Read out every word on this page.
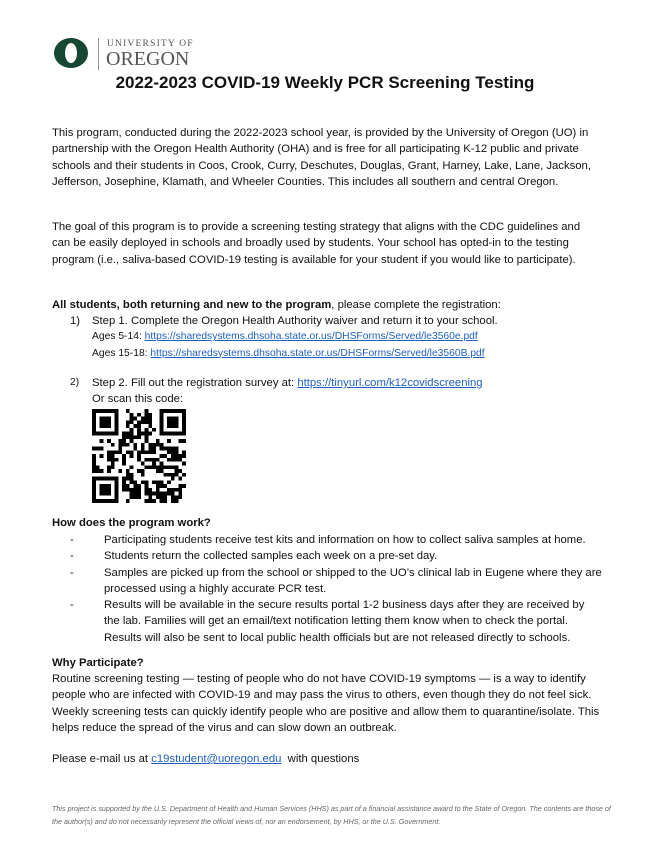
UNIVERSITY OF
OREGON
2022-2023 COVID-19 Weekly PCR Screening Testing

This program, conducted during the 2022-2023 school year, is provided by the University of Oregon (UO) in partnership with the Oregon Health Authority (OHA) and is free for all participating K-12 public and private schools and their students in Coos, Crook, Curry, Deschutes, Douglas, Grant, Harney, Lake, Lane, Jackson, Jefferson, Josephine, Klamath, and Wheeler Counties. This includes all southern and central Oregon.

The goal of this program is to provide a screening testing strategy that aligns with the CDC guidelines and can be easily deployed in schools and broadly used by students. Your school has opted-in to the testing program (i.e., saliva-based COVID-19 testing is available for your student if you would like to participate).

All students, both returning and new to the program, please complete the registration:

1) Step 1. Complete the Oregon Health Authority waiver and return it to your school.
Ages 5-14: https://sharedsystems.dhsoha.state.or.us/DHSForms/Served/le3560e.pdf
Ages 15-18: https://sharedsystems.dhsoha.state.or.us/DHSForms/Served/le3560B.pdf
2) Step 2. Fill out the registration survey at: https://tinyurl.com/k12covidscreening
Or scan this code:

How does the program work?

-	Participating students receive test kits and information on how to collect saliva samples at home.
-	Students return the collected samples each week on a pre-set day.
-	Samples are picked up from the school or shipped to the UO’s clinical lab in Eugene where they are processed using a highly accurate PCR test.
-	Results will be available in the secure results portal 1-2 business days after they are received by the lab. Families will get an email/text notification letting them know when to check the portal. Results will also be sent to local public health officials but are not released directly to schools.

Why Participate?

Routine screening testing — testing of people who do not have COVID-19 symptoms — is a way to identify people who are infected with COVID-19 and may pass the virus to others, even though they do not feel sick. Weekly screening tests can quickly identify people who are positive and allow them to quarantine/isolate. This helps reduce the spread of the virus and can slow down an outbreak.

Please e-mail us at c19student@uoregon.edu  with questions

This project is supported by the U.S. Department of Health and Human Services (HHS) as part of a financial assistance award to the State of Oregon. The contents are those of the author(s) and do not necessarily represent the official views of, nor an endorsement, by HHS, or the U.S. Government.
